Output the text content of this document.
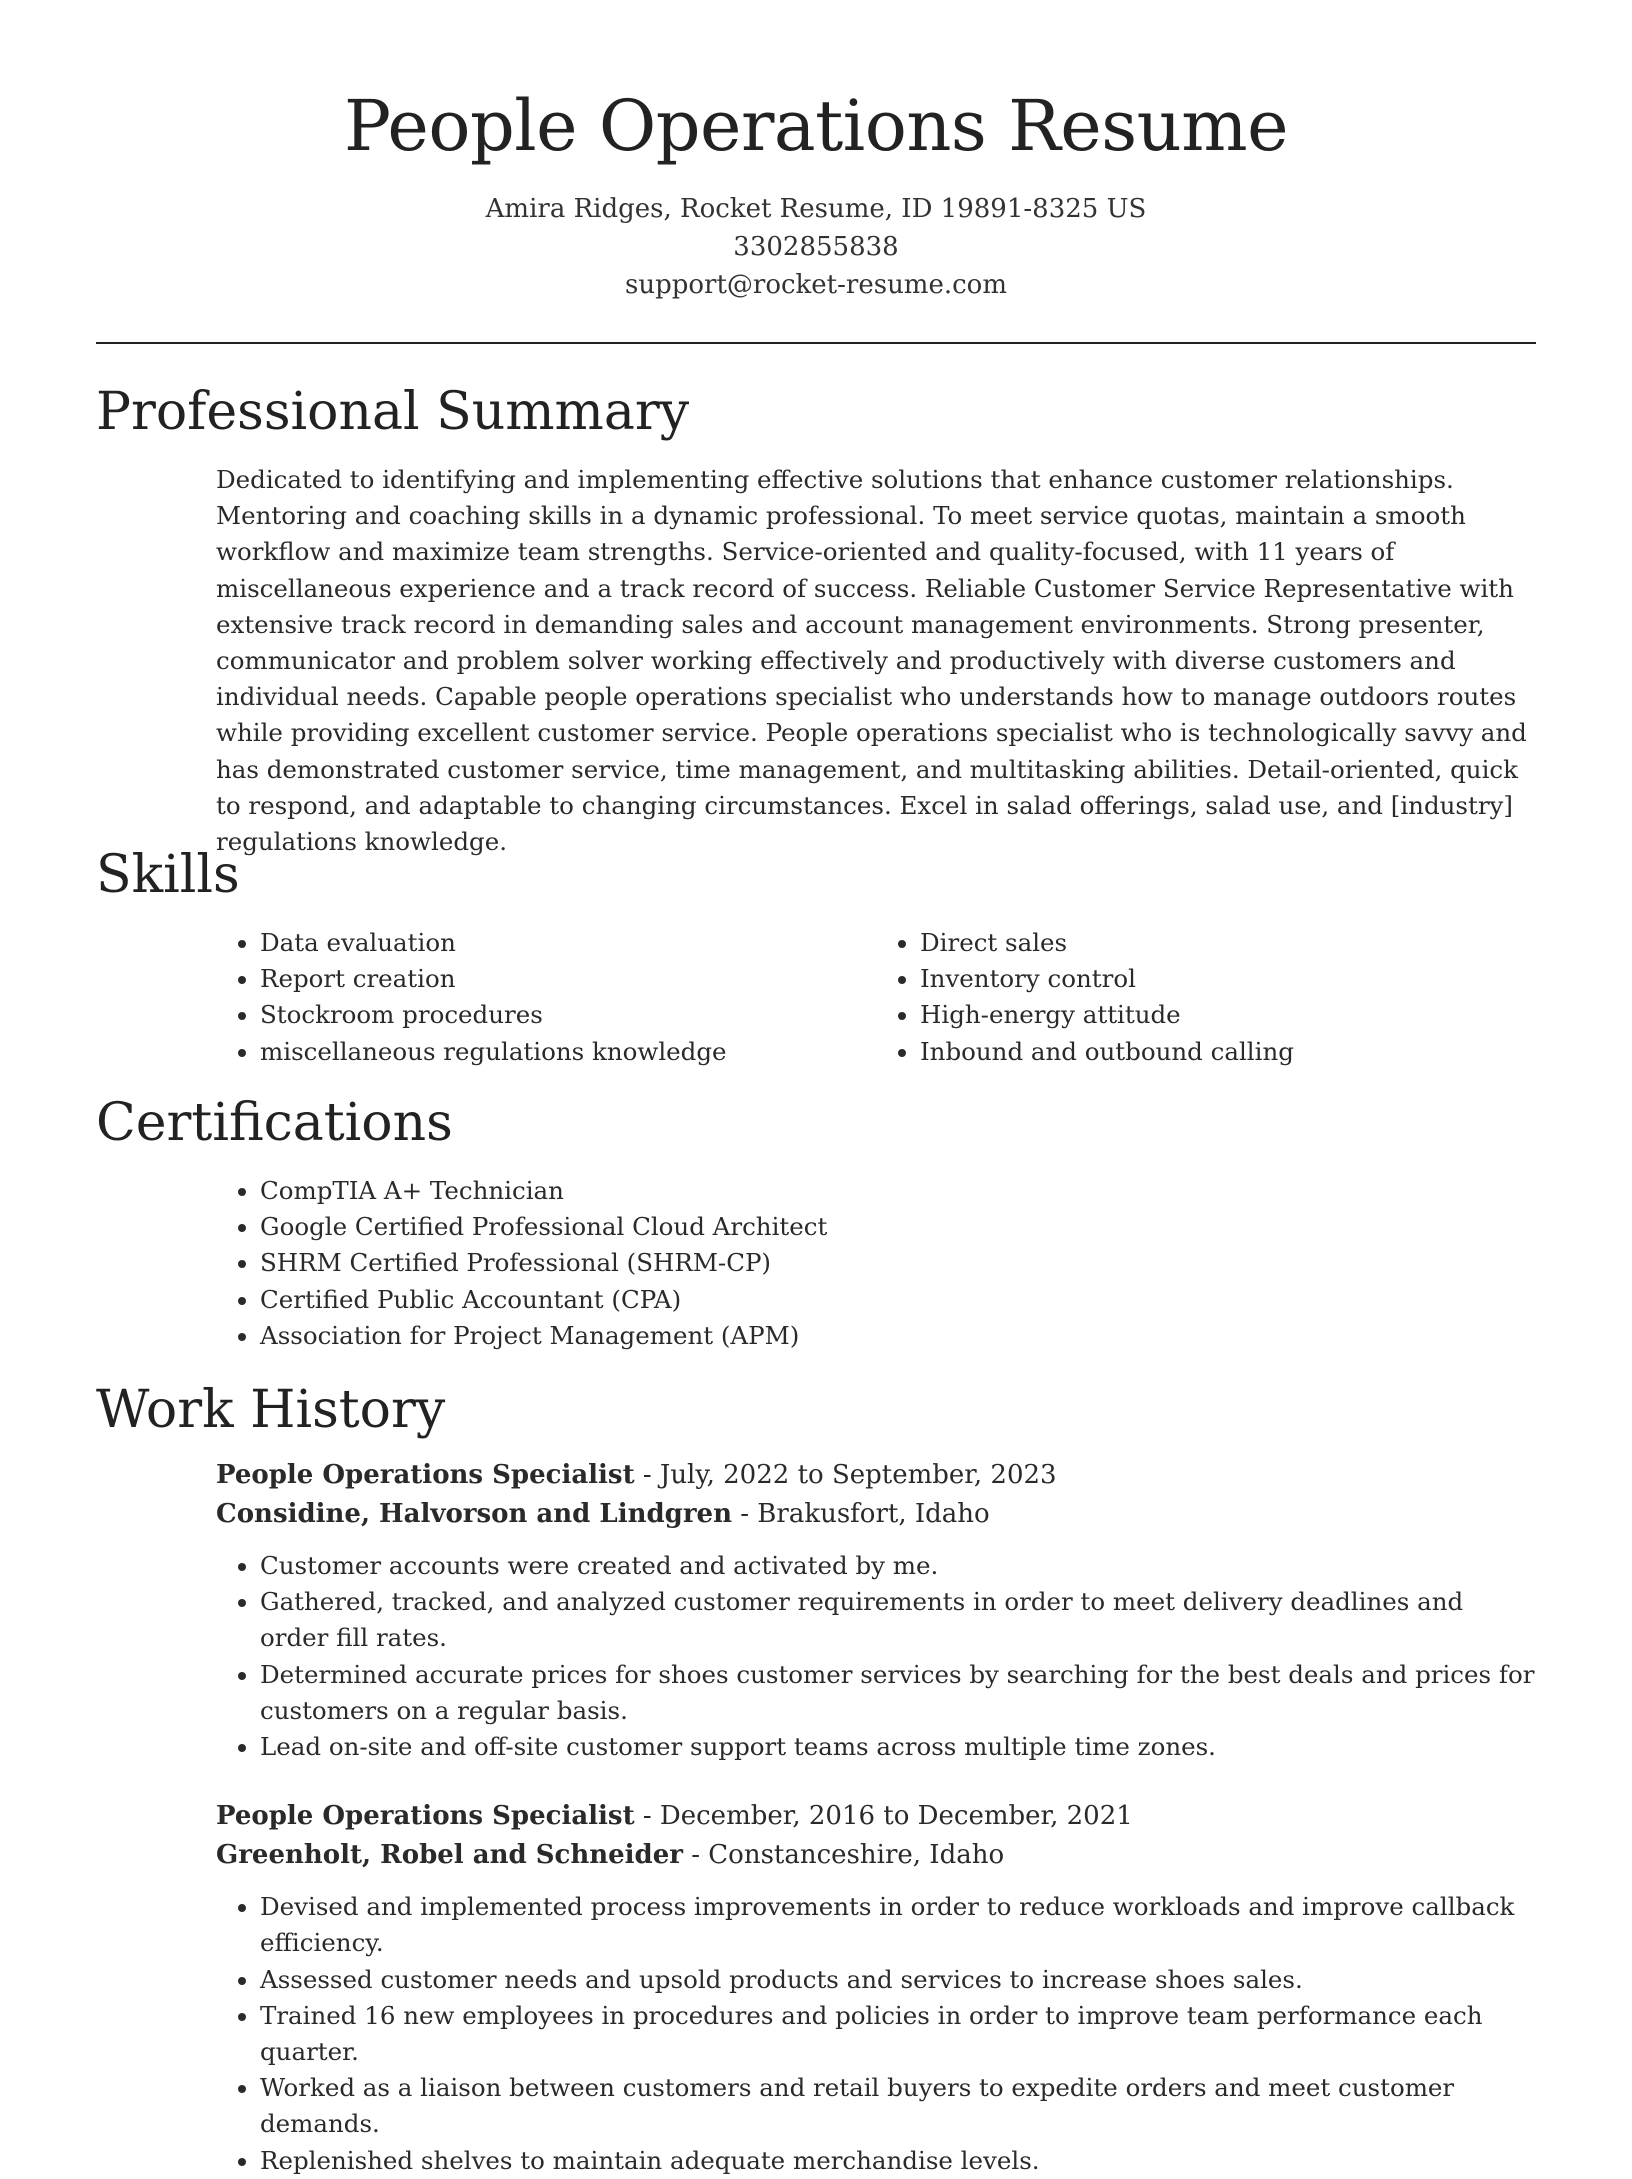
People Operations Resume
Amira Ridges, Rocket Resume, ID 19891-8325 US
3302855838
support@rocket-resume.com
Professional Summary
Dedicated to identifying and implementing effective solutions that enhance customer relationships. Mentoring and coaching skills in a dynamic professional. To meet service quotas, maintain a smooth workflow and maximize team strengths. Service-oriented and quality-focused, with 11 years of miscellaneous experience and a track record of success. Reliable Customer Service Representative with extensive track record in demanding sales and account management environments. Strong presenter, communicator and problem solver working effectively and productively with diverse customers and individual needs. Capable people operations specialist who understands how to manage outdoors routes while providing excellent customer service. People operations specialist who is technologically savvy and has demonstrated customer service, time management, and multitasking abilities. Detail-oriented, quick to respond, and adaptable to changing circumstances. Excel in salad offerings, salad use, and [industry] regulations knowledge.
Skills
• Data evaluation
• Report creation
• Stockroom procedures
• miscellaneous regulations knowledge
• Direct sales
• Inventory control
• High-energy attitude
• Inbound and outbound calling
Certifications
• CompTIA A+ Technician
• Google Certified Professional Cloud Architect
• SHRM Certified Professional (SHRM-CP)
• Certified Public Accountant (CPA)
• Association for Project Management (APM)
Work History
People Operations Specialist - July, 2022 to September, 2023
Considine, Halvorson and Lindgren - Brakusfort, Idaho
• Customer accounts were created and activated by me.
• Gathered, tracked, and analyzed customer requirements in order to meet delivery deadlines and order fill rates.
• Determined accurate prices for shoes customer services by searching for the best deals and prices for customers on a regular basis.
• Lead on-site and off-site customer support teams across multiple time zones.
People Operations Specialist - December, 2016 to December, 2021
Greenholt, Robel and Schneider - Constanceshire, Idaho
• Devised and implemented process improvements in order to reduce workloads and improve callback efficiency.
• Assessed customer needs and upsold products and services to increase shoes sales.
• Trained 16 new employees in procedures and policies in order to improve team performance each quarter.
• Worked as a liaison between customers and retail buyers to expedite orders and meet customer demands.
• Replenished shelves to maintain adequate merchandise levels.
